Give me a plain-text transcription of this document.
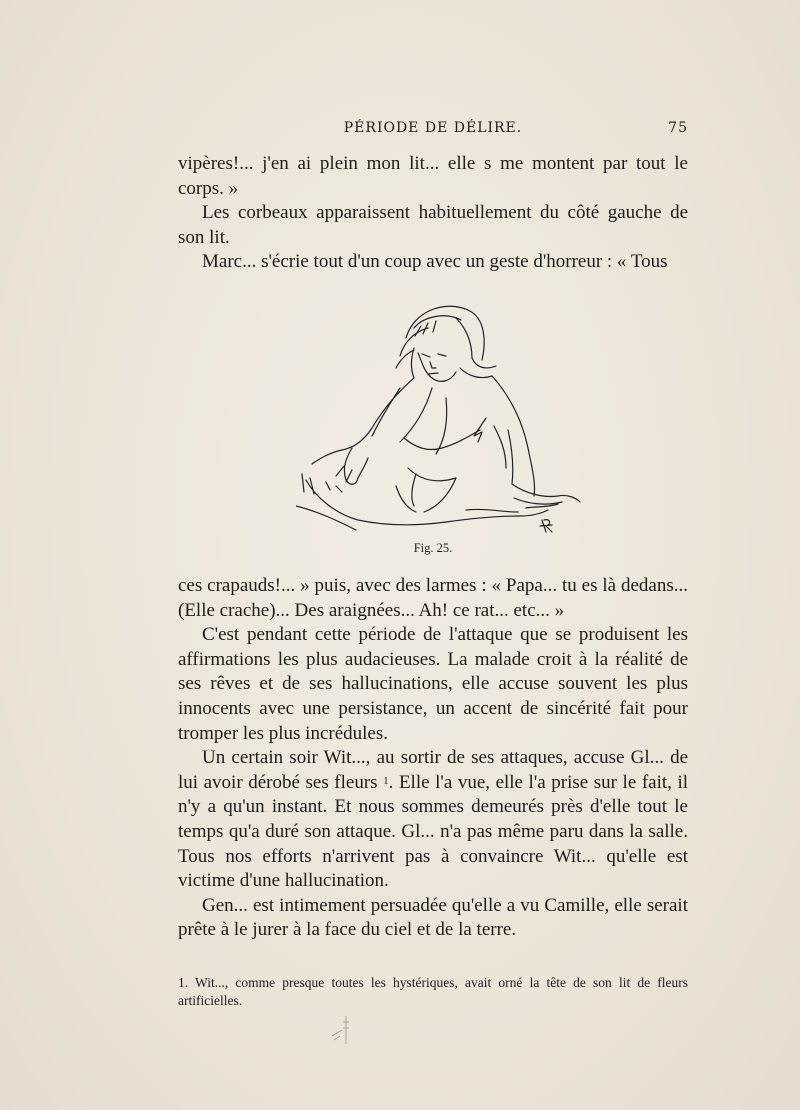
PÉRIODE DE DÉLIRE.	75

vipères!... j'en ai plein mon lit... elle s me montent par tout le corps. »

Les corbeaux apparaissent habituellement du côté gauche de son lit.

Marc... s'écrie tout d'un coup avec un geste d'horreur : « Tous

Fig. 25.

ces crapauds!... » puis, avec des larmes : « Papa... tu es là dedans... (Elle crache)... Des araignées... Ah! ce rat... etc... »

C'est pendant cette période de l'attaque que se produisent les affirmations les plus audacieuses. La malade croit à la réalité de ses rêves et de ses hallucinations, elle accuse souvent les plus innocents avec une persistance, un accent de sincérité fait pour tromper les plus incrédules.

Un certain soir Wit..., au sortir de ses attaques, accuse Gl... de lui avoir dérobé ses fleurs $^1$. Elle l'a vue, elle l'a prise sur le fait, il n'y a qu'un instant. Et nous sommes demeurés près d'elle tout le temps qu'a duré son attaque. Gl... n'a pas même paru dans la salle. Tous nos efforts n'arrivent pas à convaincre Wit... qu'elle est victime d'une hallucination.

Gen... est intimement persuadée qu'elle a vu Camille, elle serait prête à le jurer à la face du ciel et de la terre.

1. Wit..., comme presque toutes les hystériques, avait orné la tête de son lit de fleurs artificielles.
